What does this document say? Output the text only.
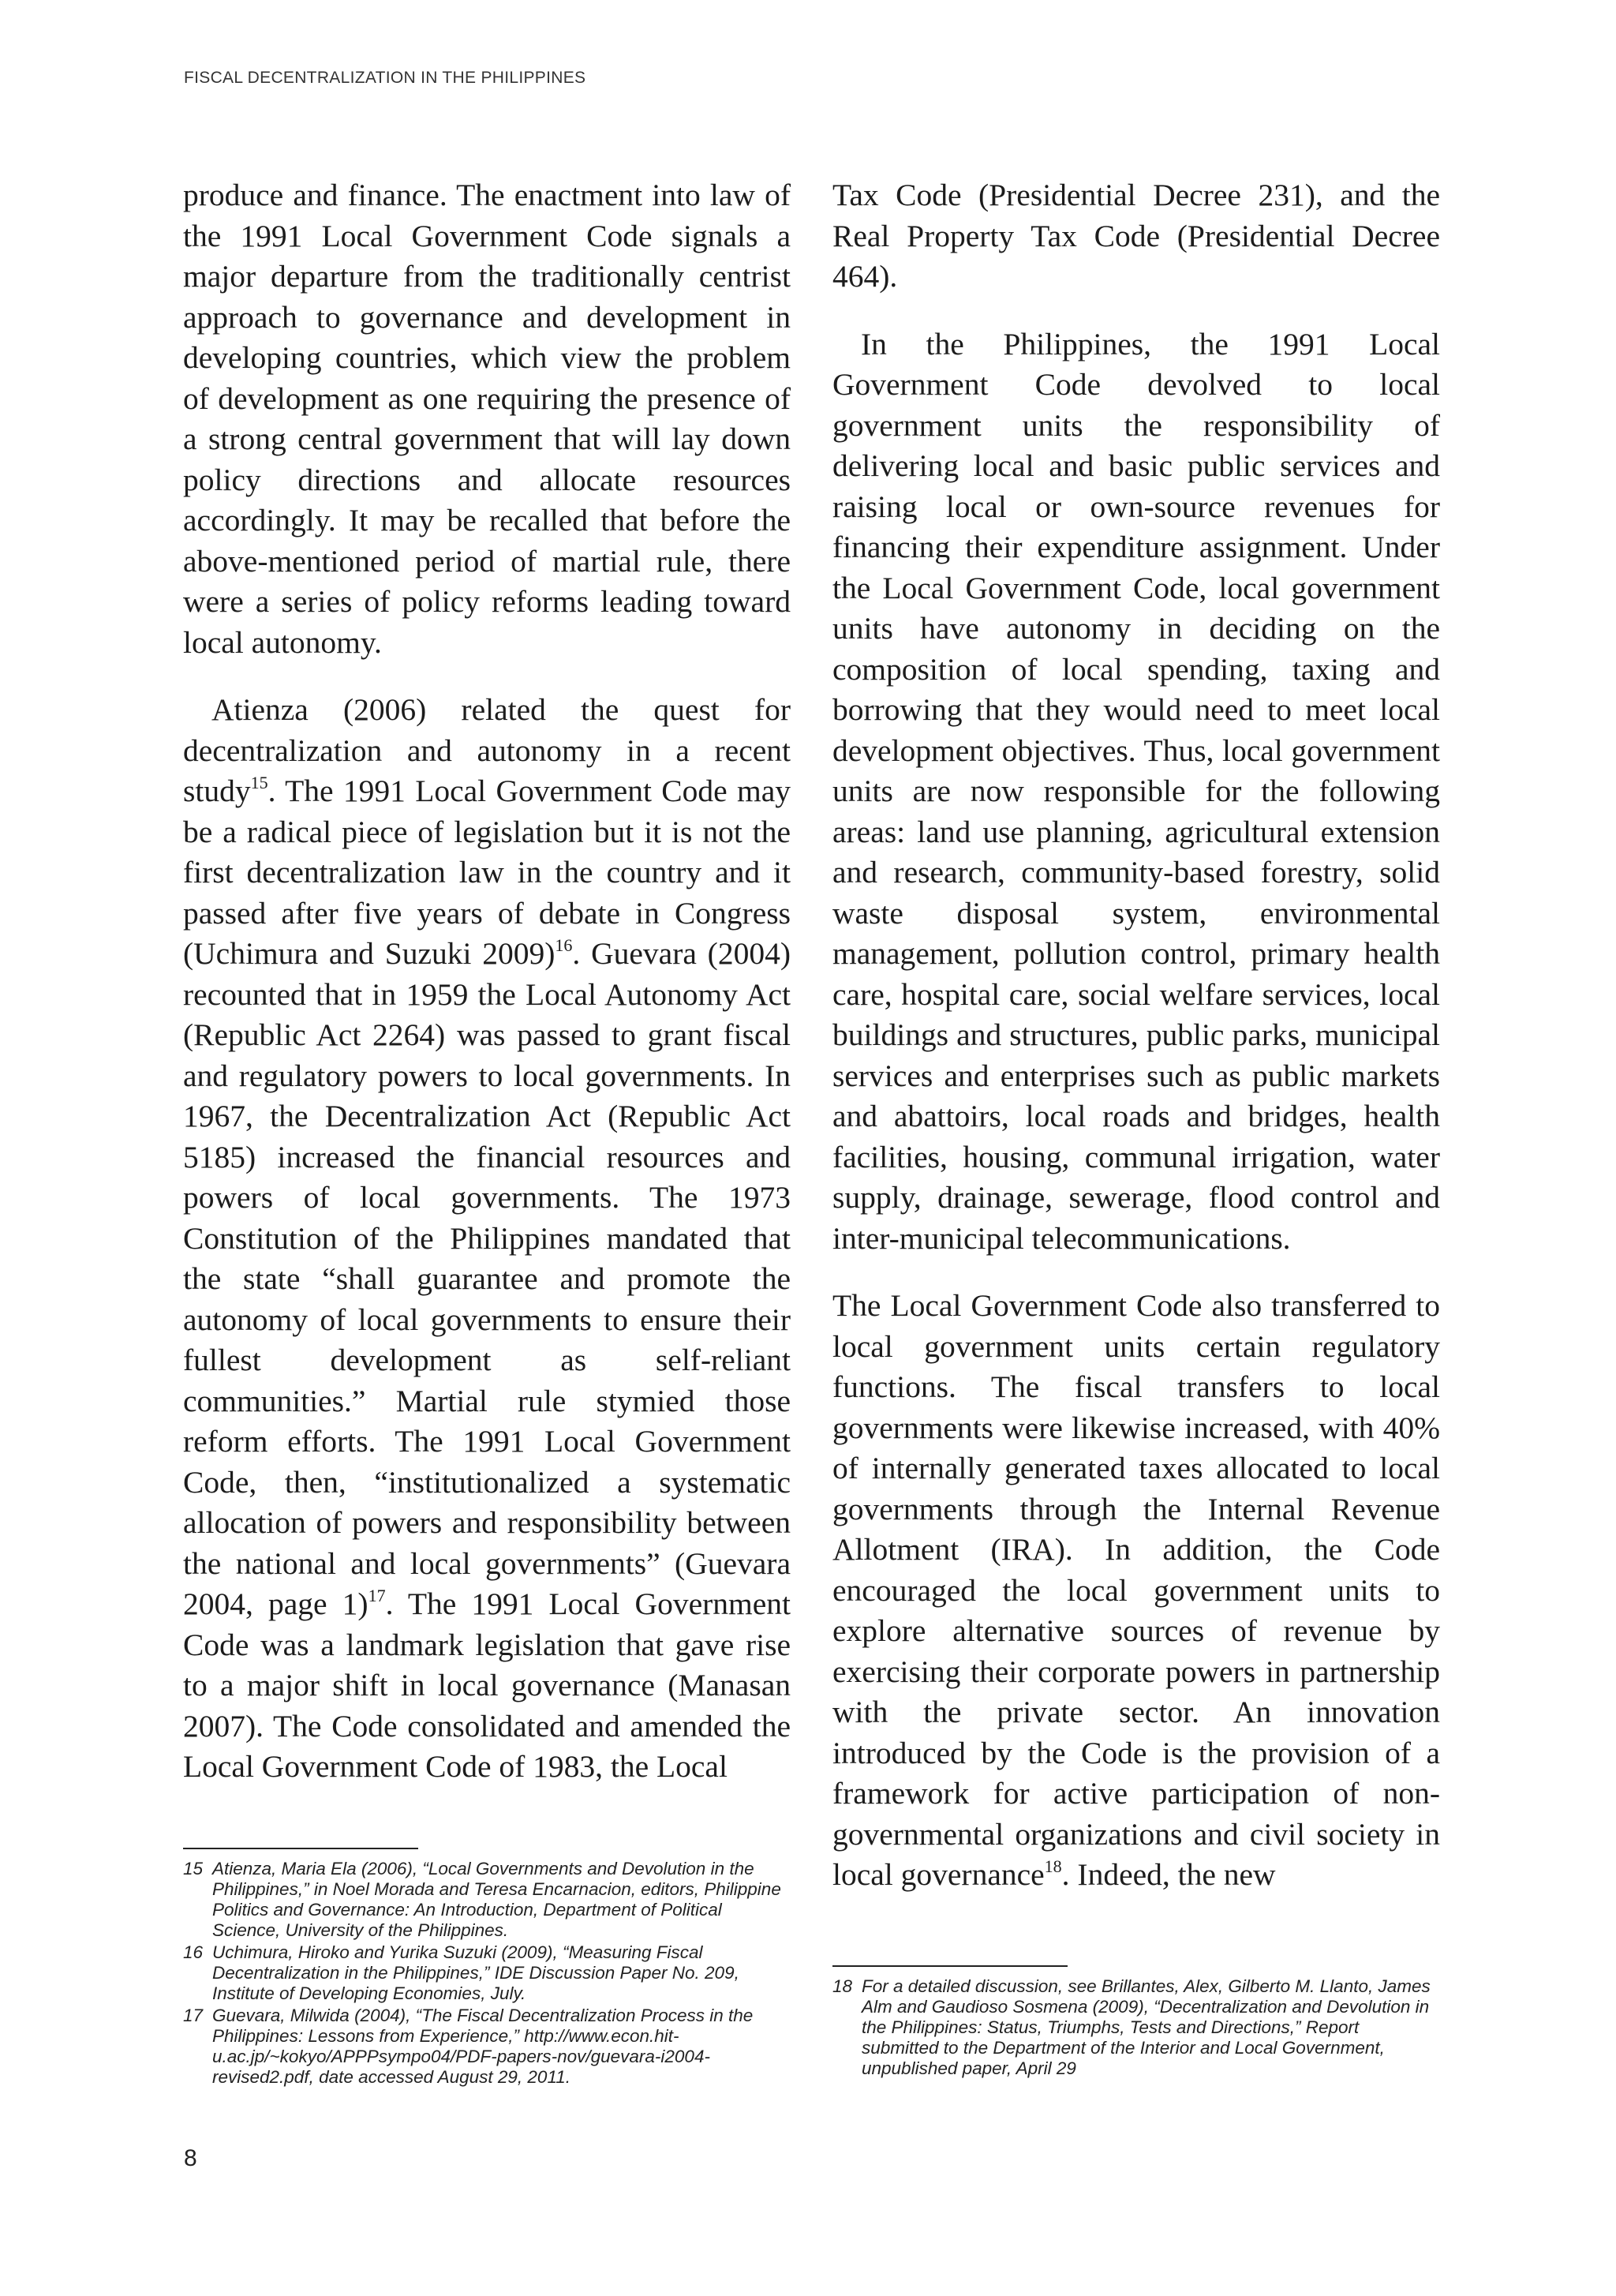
FISCAL DECENTRALIZATION IN THE PHILIPPINES

produce and finance. The enactment into law of the 1991 Local Government Code signals a major departure from the traditionally centrist approach to governance and development in developing countries, which view the problem of development as one requiring the presence of a strong central government that will lay down policy directions and allocate resources accordingly. It may be recalled that before the above-mentioned period of martial rule, there were a series of policy reforms leading toward local autonomy.

Atienza (2006) related the quest for decentralization and autonomy in a recent study$^{15}$. The 1991 Local Government Code may be a radical piece of legislation but it is not the first decentralization law in the country and it passed after five years of debate in Congress (Uchimura and Suzuki 2009)$^{16}$. Guevara (2004) recounted that in 1959 the Local Autonomy Act (Republic Act 2264) was passed to grant fiscal and regulatory powers to local governments. In 1967, the Decentralization Act (Republic Act 5185) increased the financial resources and powers of local governments. The 1973 Constitution of the Philippines mandated that the state “shall guarantee and promote the autonomy of local governments to ensure their fullest development as self-reliant communities.” Martial rule stymied those reform efforts. The 1991 Local Government Code, then, “institutionalized a systematic allocation of powers and responsibility between the national and local governments” (Guevara 2004, page 1)$^{17}$. The 1991 Local Government Code was a landmark legislation that gave rise to a major shift in local governance (Manasan 2007). The Code consolidated and amended the Local Government Code of 1983, the Local

Tax Code (Presidential Decree 231), and the Real Property Tax Code (Presidential Decree 464).

In the Philippines, the 1991 Local Government Code devolved to local government units the responsibility of delivering local and basic public services and raising local or own-source revenues for financing their expenditure assignment. Under the Local Government Code, local government units have autonomy in deciding on the composition of local spending, taxing and borrowing that they would need to meet local development objectives. Thus, local government units are now responsible for the following areas: land use planning, agricultural extension and research, community-based forestry, solid waste disposal system, environmental management, pollution control, primary health care, hospital care, social welfare services, local buildings and structures, public parks, municipal services and enterprises such as public markets and abattoirs, local roads and bridges, health facilities, housing, communal irrigation, water supply, drainage, sewerage, flood control and inter-municipal telecommunications.

The Local Government Code also transferred to local government units certain regulatory functions. The fiscal transfers to local governments were likewise increased, with 40% of internally generated taxes allocated to local governments through the Internal Revenue Allotment (IRA). In addition, the Code encouraged the local government units to explore alternative sources of revenue by exercising their corporate powers in partnership with the private sector. An innovation introduced by the Code is the provision of a framework for active participation of non-governmental organizations and civil society in local governance$^{18}$. Indeed, the new

15 Atienza, Maria Ela (2006), “Local Governments and Devolution in the Philippines,” in Noel Morada and Teresa Encarnacion, editors, Philippine Politics and Governance: An Introduction, Department of Political Science, University of the Philippines.

16 Uchimura, Hiroko and Yurika Suzuki (2009), “Measuring Fiscal Decentralization in the Philippines,” IDE Discussion Paper No. 209, Institute of Developing Economies, July.

17 Guevara, Milwida (2004), “The Fiscal Decentralization Process in the Philippines: Lessons from Experience,” http://www.econ.hit-u.ac.jp/~kokyo/APPPsympo04/PDF-papers-nov/guevara-i2004-revised2.pdf, date accessed August 29, 2011.

18 For a detailed discussion, see Brillantes, Alex, Gilberto M. Llanto, James Alm and Gaudioso Sosmena (2009), “Decentralization and Devolution in the Philippines: Status, Triumphs, Tests and Directions,” Report submitted to the Department of the Interior and Local Government, unpublished paper, April 29

8
